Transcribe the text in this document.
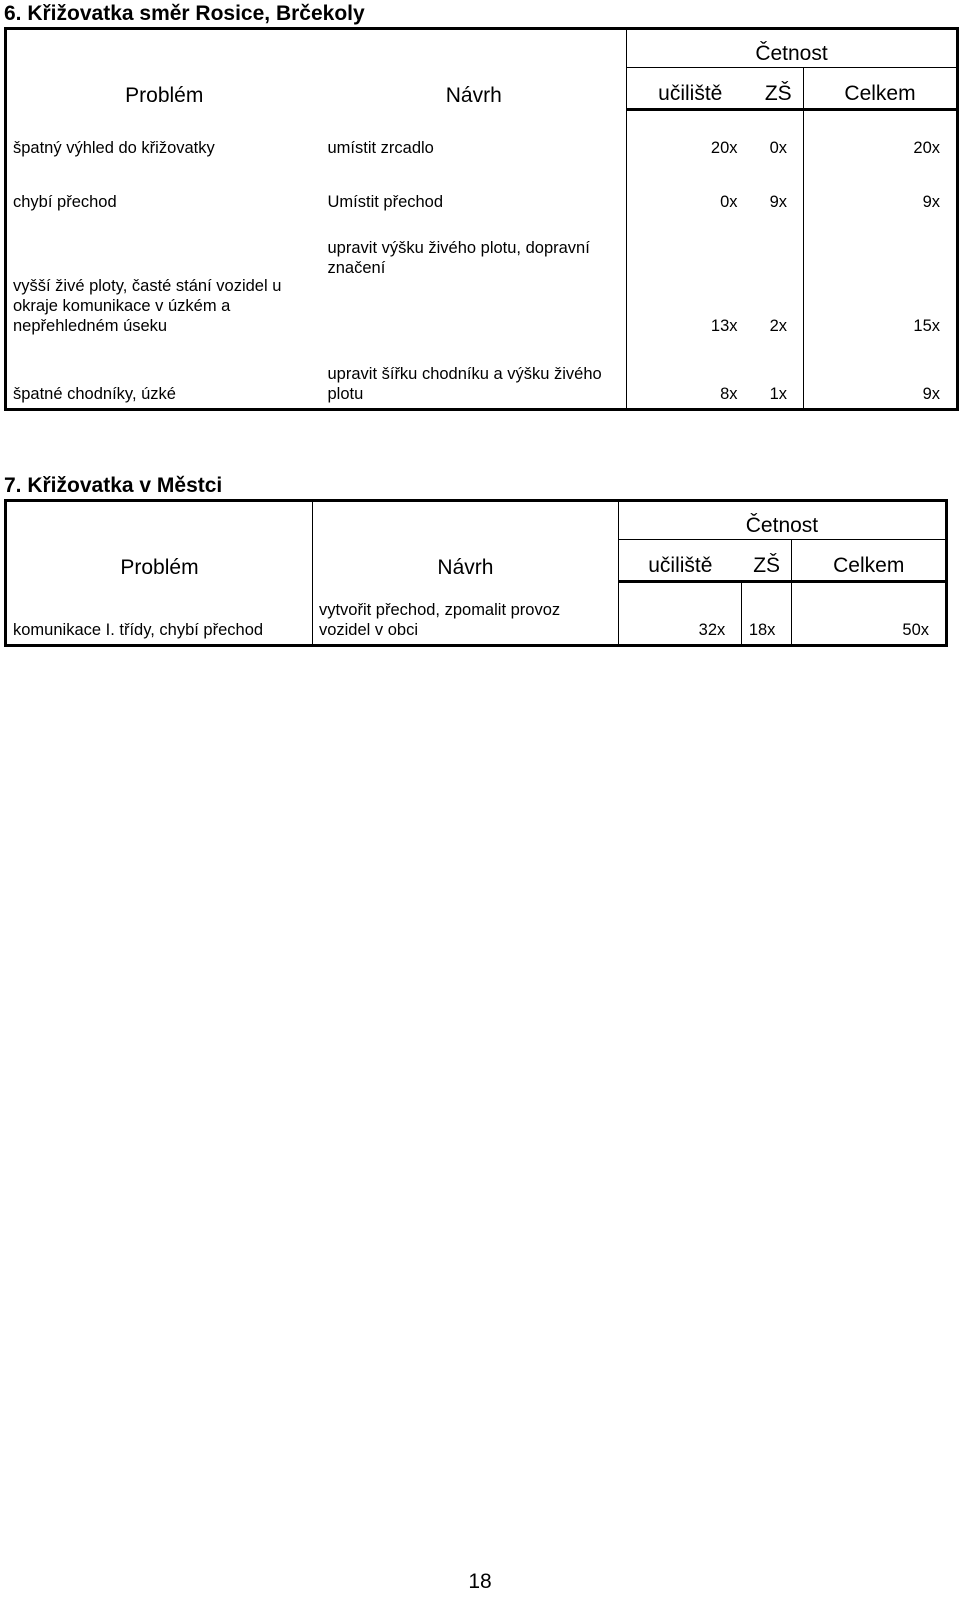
6. Křižovatka směr Rosice, Brčekoly
Problém	Návrh	Četnost		
		učiliště	ZŠ	Celkem
špatný výhled do křižovatky	umístit zrcadlo	20x	0x	20x
chybí přechod	Umístit přechod	0x	9x	9x
vyšší živé ploty, časté stání vozidel u okraje komunikace v úzkém a nepřehledném úseku	upravit výšku živého plotu, dopravní značení	13x	2x	15x
špatné chodníky, úzké	upravit šířku chodníku a výšku živého plotu	8x	1x	9x
7. Křižovatka v Městci
Problém	Návrh	Četnost		
		učiliště	ZŠ	Celkem
komunikace I. třídy, chybí přechod	vytvořit přechod, zpomalit provoz vozidel v obci	32x	18x	50x

18
